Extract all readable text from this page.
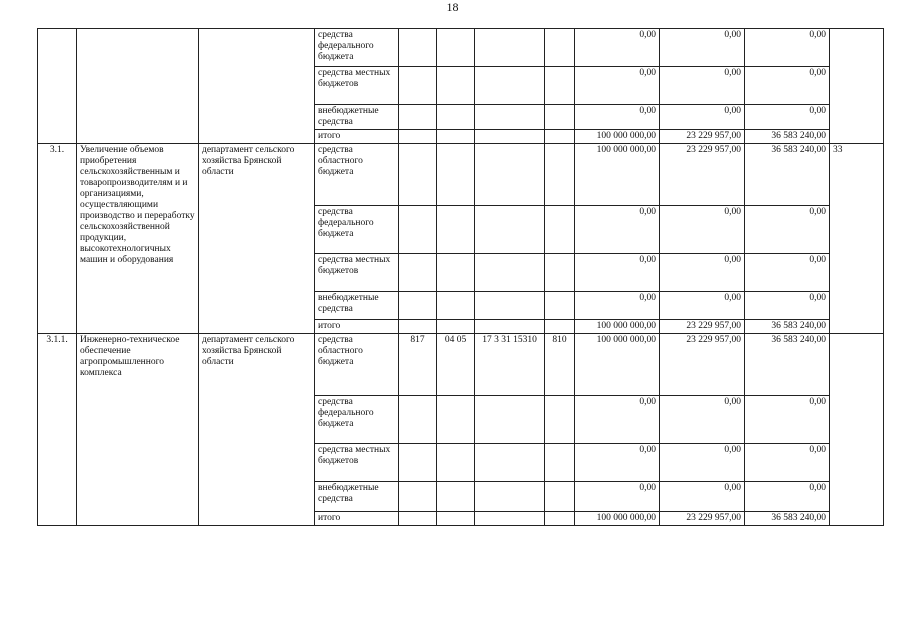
18
			средства федерального бюджета					0,00	0,00	0,00	
			средства местных бюджетов					0,00	0,00	0,00	
			внебюджетные средства					0,00	0,00	0,00	
			итого					100 000 000,00	23 229 957,00	36 583 240,00	
3.1.	Увеличение объемов приобретения сельскохозяйственным и товаропроизводителям и и организациями, осуществляющими производство и переработку сельскохозяйственной продукции, высокотехнологичных машин и оборудования	департамент сельского хозяйства Брянской области	средства областного бюджета					100 000 000,00	23 229 957,00	36 583 240,00	33
			средства федерального бюджета					0,00	0,00	0,00	
			средства местных бюджетов					0,00	0,00	0,00	
			внебюджетные средства					0,00	0,00	0,00	
			итого					100 000 000,00	23 229 957,00	36 583 240,00	
3.1.1.	Инженерно-техническое обеспечение агропромышленного комплекса	департамент сельского хозяйства Брянской области	средства областного бюджета	817	04 05	17 3 31 15310	810	100 000 000,00	23 229 957,00	36 583 240,00	
			средства федерального бюджета					0,00	0,00	0,00	
			средства местных бюджетов					0,00	0,00	0,00	
			внебюджетные средства					0,00	0,00	0,00	
			итого					100 000 000,00	23 229 957,00	36 583 240,00	
